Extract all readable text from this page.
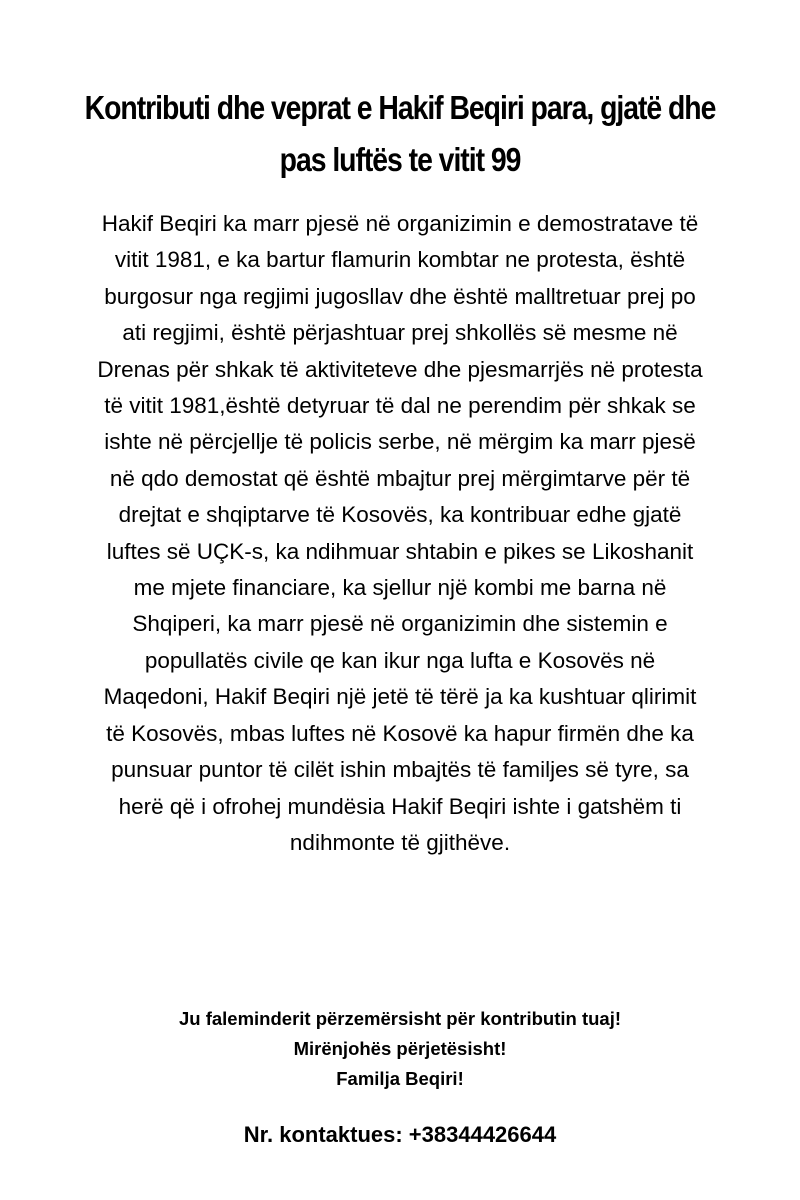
Kontributi dhe veprat e Hakif Beqiri para, gjatë dhe
pas luftës te vitit 99
Hakif Beqiri ka marr pjesë në organizimin e demostratave të
vitit 1981, e ka bartur flamurin kombtar ne protesta, është
burgosur nga regjimi jugosllav dhe është malltretuar prej po
ati regjimi, është përjashtuar prej shkollës së mesme në
Drenas për shkak të aktiviteteve dhe pjesmarrjës në protesta
të vitit 1981,është detyruar të dal ne perendim për shkak se
ishte në përcjellje të policis serbe, në mërgim ka marr pjesë
në qdo demostat që është mbajtur prej mërgimtarve për të
drejtat e shqiptarve të Kosovës, ka kontribuar edhe gjatë
luftes së UÇK-s, ka ndihmuar shtabin e pikes se Likoshanit
me mjete financiare, ka sjellur një kombi me barna në
Shqiperi, ka marr pjesë në organizimin dhe sistemin e
popullatës civile qe kan ikur nga lufta e Kosovës në
Maqedoni, Hakif Beqiri një jetë të tërë ja ka kushtuar qlirimit
të Kosovës, mbas luftes në Kosovë ka hapur firmën dhe ka
punsuar puntor të cilët ishin mbajtës të familjes së tyre, sa
herë që i ofrohej mundësia Hakif Beqiri ishte i gatshëm ti
ndihmonte të gjithëve.
Ju faleminderit përzemërsisht për kontributin tuaj!
Mirënjohës përjetësisht!
Familja Beqiri!
Nr. kontaktues: +38344426644
